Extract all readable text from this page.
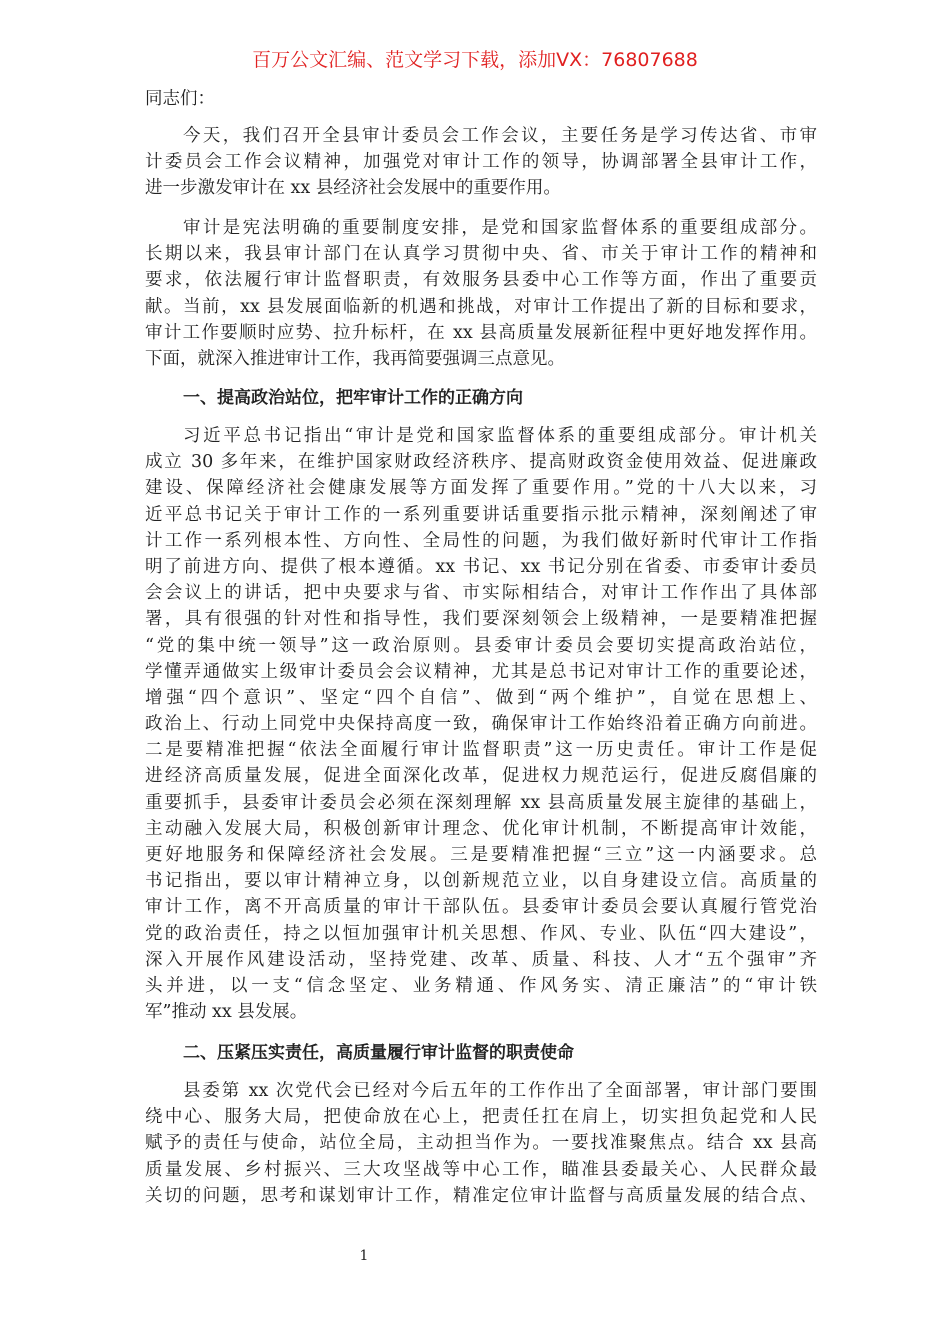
百万公文汇编、范文学习下载，添加VX：76807688
同志们：
今天，我们召开全县审计委员会工作会议，主要任务是学习传达省、市审
计委员会工作会议精神，加强党对审计工作的领导，协调部署全县审计工作，
进一步激发审计在 xx 县经济社会发展中的重要作用。
审计是宪法明确的重要制度安排，是党和国家监督体系的重要组成部分。
长期以来，我县审计部门在认真学习贯彻中央、省、市关于审计工作的精神和
要求，依法履行审计监督职责，有效服务县委中心工作等方面，作出了重要贡
献。当前，xx 县发展面临新的机遇和挑战，对审计工作提出了新的目标和要求，
审计工作要顺时应势、拉升标杆，在 xx 县高质量发展新征程中更好地发挥作用。
下面，就深入推进审计工作，我再简要强调三点意见。
一、提高政治站位，把牢审计工作的正确方向
习近平总书记指出“审计是党和国家监督体系的重要组成部分。审计机关
成立 30 多年来，在维护国家财政经济秩序、提高财政资金使用效益、促进廉政
建设、保障经济社会健康发展等方面发挥了重要作用。”党的十八大以来，习
近平总书记关于审计工作的一系列重要讲话重要指示批示精神，深刻阐述了审
计工作一系列根本性、方向性、全局性的问题，为我们做好新时代审计工作指
明了前进方向、提供了根本遵循。xx 书记、xx 书记分别在省委、市委审计委员
会会议上的讲话，把中央要求与省、市实际相结合，对审计工作作出了具体部
署，具有很强的针对性和指导性，我们要深刻领会上级精神，一是要精准把握
“党的集中统一领导”这一政治原则。县委审计委员会要切实提高政治站位，
学懂弄通做实上级审计委员会会议精神，尤其是总书记对审计工作的重要论述，
增强“四个意识”、坚定“四个自信”、做到“两个维护”，自觉在思想上、
政治上、行动上同党中央保持高度一致，确保审计工作始终沿着正确方向前进。
二是要精准把握“依法全面履行审计监督职责”这一历史责任。审计工作是促
进经济高质量发展，促进全面深化改革，促进权力规范运行，促进反腐倡廉的
重要抓手，县委审计委员会必须在深刻理解 xx 县高质量发展主旋律的基础上，
主动融入发展大局，积极创新审计理念、优化审计机制，不断提高审计效能，
更好地服务和保障经济社会发展。三是要精准把握“三立”这一内涵要求。总
书记指出，要以审计精神立身，以创新规范立业，以自身建设立信。高质量的
审计工作，离不开高质量的审计干部队伍。县委审计委员会要认真履行管党治
党的政治责任，持之以恒加强审计机关思想、作风、专业、队伍“四大建设”，
深入开展作风建设活动，坚持党建、改革、质量、科技、人才“五个强审”齐
头并进，以一支“信念坚定、业务精通、作风务实、清正廉洁”的“审计铁
军”推动 xx 县发展。
二、压紧压实责任，高质量履行审计监督的职责使命
县委第 xx 次党代会已经对今后五年的工作作出了全面部署，审计部门要围
绕中心、服务大局，把使命放在心上，把责任扛在肩上，切实担负起党和人民
赋予的责任与使命，站位全局，主动担当作为。一要找准聚焦点。结合 xx 县高
质量发展、乡村振兴、三大攻坚战等中心工作，瞄准县委最关心、人民群众最
关切的问题，思考和谋划审计工作，精准定位审计监督与高质量发展的结合点、
1
